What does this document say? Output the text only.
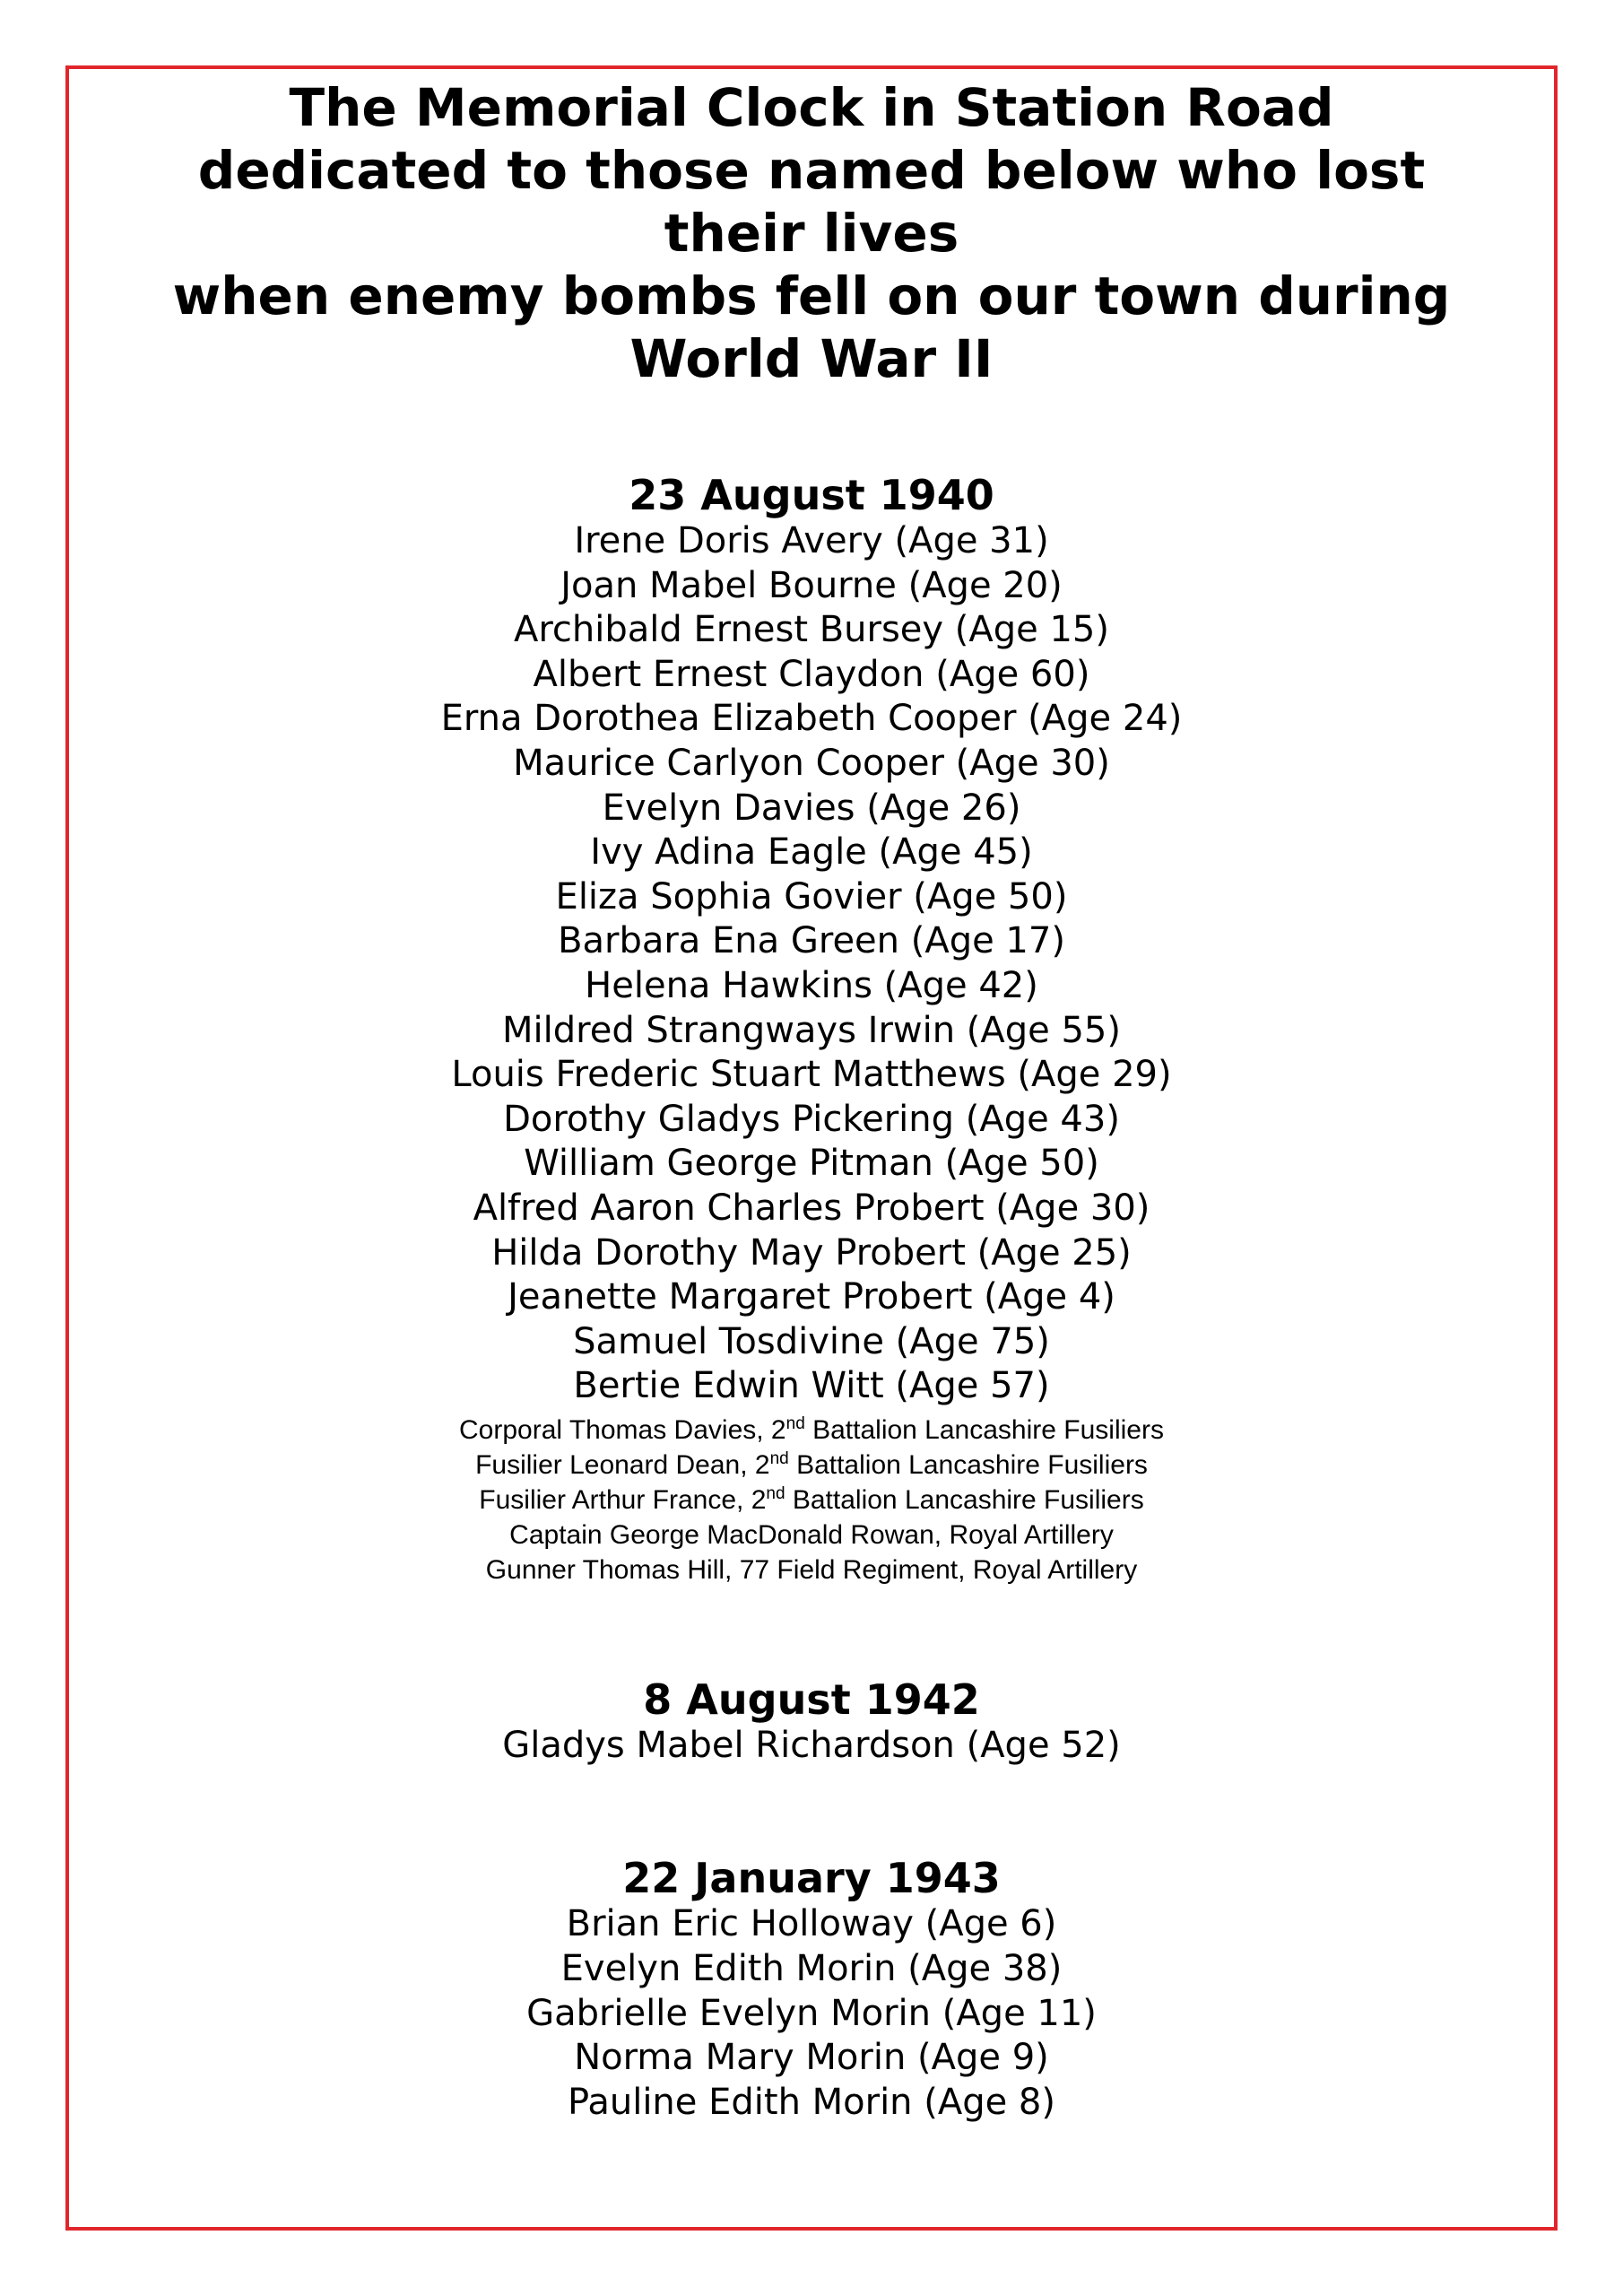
The Memorial Clock in Station Road
dedicated to those named below who lost
their lives
when enemy bombs fell on our town during
World War II
23 August 1940
Irene Doris Avery (Age 31)
Joan Mabel Bourne (Age 20)
Archibald Ernest Bursey (Age 15)
Albert Ernest Claydon (Age 60)
Erna Dorothea Elizabeth Cooper (Age 24)
Maurice Carlyon Cooper (Age 30)
Evelyn Davies (Age 26)
Ivy Adina Eagle (Age 45)
Eliza Sophia Govier (Age 50)
Barbara Ena Green (Age 17)
Helena Hawkins (Age 42)
Mildred Strangways Irwin (Age 55)
Louis Frederic Stuart Matthews (Age 29)
Dorothy Gladys Pickering (Age 43)
William George Pitman (Age 50)
Alfred Aaron Charles Probert (Age 30)
Hilda Dorothy May Probert (Age 25)
Jeanette Margaret Probert (Age 4)
Samuel Tosdivine (Age 75)
Bertie Edwin Witt (Age 57)
Corporal Thomas Davies, 2nd Battalion Lancashire Fusiliers
Fusilier Leonard Dean, 2nd Battalion Lancashire Fusiliers
Fusilier Arthur France, 2nd Battalion Lancashire Fusiliers
Captain George MacDonald Rowan, Royal Artillery
Gunner Thomas Hill, 77 Field Regiment, Royal Artillery
8 August 1942
Gladys Mabel Richardson (Age 52)
22 January 1943
Brian Eric Holloway (Age 6)
Evelyn Edith Morin (Age 38)
Gabrielle Evelyn Morin (Age 11)
Norma Mary Morin (Age 9)
Pauline Edith Morin (Age 8)
